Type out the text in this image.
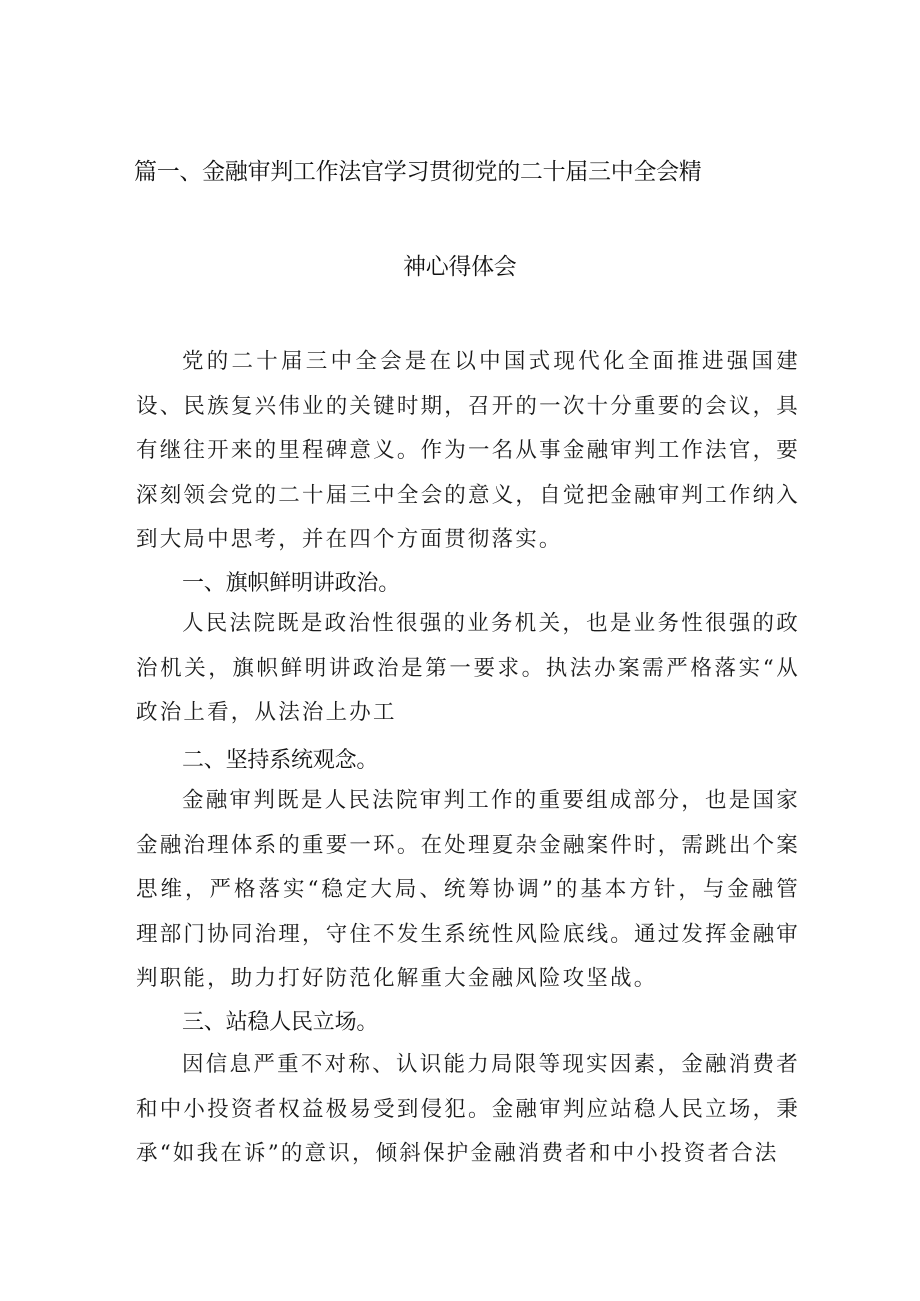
篇一、金融审判工作法官学习贯彻党的二十届三中全会精
神心得体会

党的二十届三中全会是在以中国式现代化全面推进强国建设、民族复兴伟业的关键时期，召开的一次十分重要的会议，具有继往开来的里程碑意义。作为一名从事金融审判工作法官，要深刻领会党的二十届三中全会的意义，自觉把金融审判工作纳入到大局中思考，并在四个方面贯彻落实。

一、旗帜鲜明讲政治。

人民法院既是政治性很强的业务机关，也是业务性很强的政治机关，旗帜鲜明讲政治是第一要求。执法办案需严格落实“从政治上看，从法治上办工

二、坚持系统观念。

金融审判既是人民法院审判工作的重要组成部分，也是国家金融治理体系的重要一环。在处理夏杂金融案件时，需跳出个案思维，严格落实“稳定大局、统筹协调”的基本方针，与金融管理部门协同治理，守住不发生系统性风险底线。通过发挥金融审判职能，助力打好防范化解重大金融风险攻坚战。

三、站稳人民立场。

因信息严重不对称、认识能力局限等现实因素，金融消费者和中小投资者权益极易受到侵犯。金融审判应站稳人民立场，秉承“如我在诉”的意识，倾斜保护金融消费者和中小投资者合法
